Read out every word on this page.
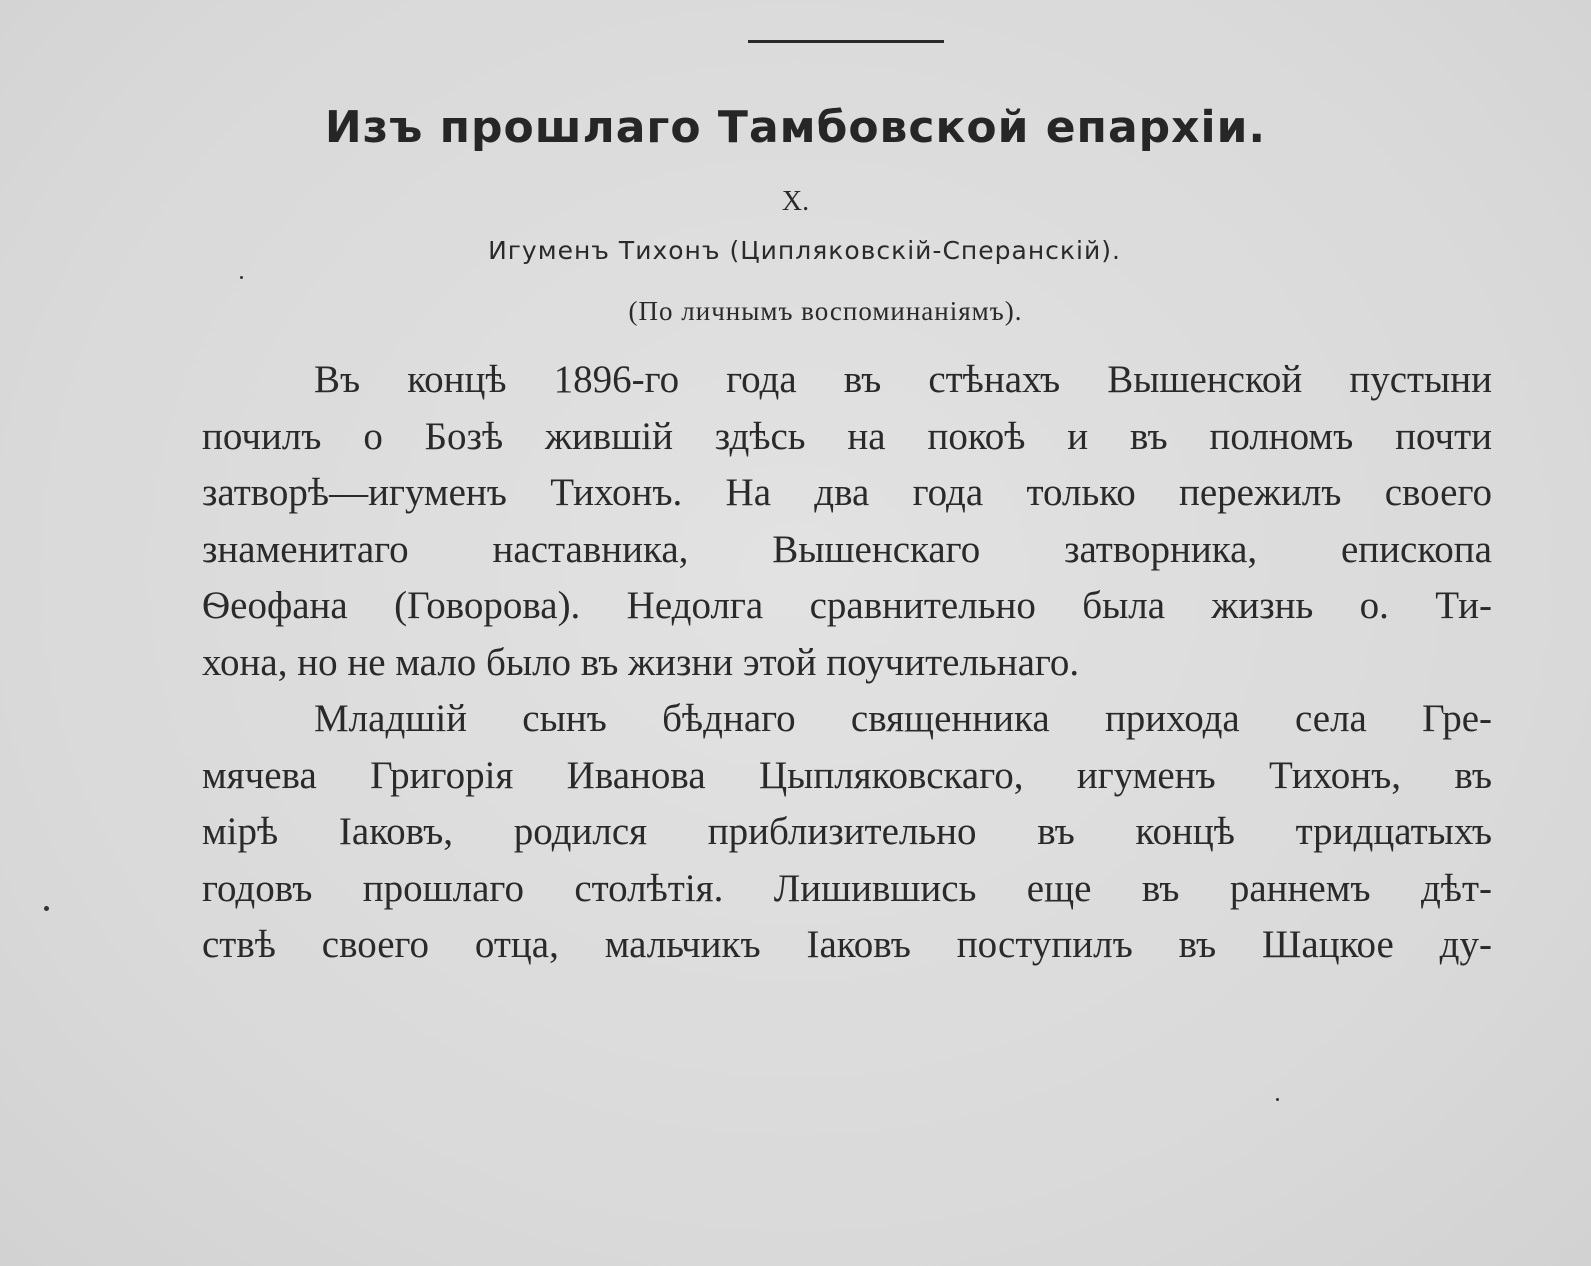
Изъ прошлаго Тамбовской епархіи.
X.
Игуменъ Тихонъ (Ципляковскій-Сперанскій).
(По личнымъ воспоминаніямъ).
Въ концѣ 1896-го года въ стѣнахъ Вышенской пустыни
почилъ о Бозѣ жившій здѣсь на покоѣ и въ полномъ почти
затворѣ—игуменъ Тихонъ. На два года только пережилъ своего
знаменитаго наставника, Вышенскаго затворника, епископа
Ѳеофана (Говорова). Недолга сравнительно была жизнь о. Ти-
хона, но не мало было въ жизни этой поучительнаго.
Младшій сынъ бѣднаго священника прихода села Гре-
мячева Григорія Иванова Цыпляковскаго, игуменъ Тихонъ, въ
мірѣ Іаковъ, родился приблизительно въ концѣ тридцатыхъ
годовъ прошлаго столѣтія. Лишившись еще въ раннемъ дѣт-
ствѣ своего отца, мальчикъ Іаковъ поступилъ въ Шацкое ду-
